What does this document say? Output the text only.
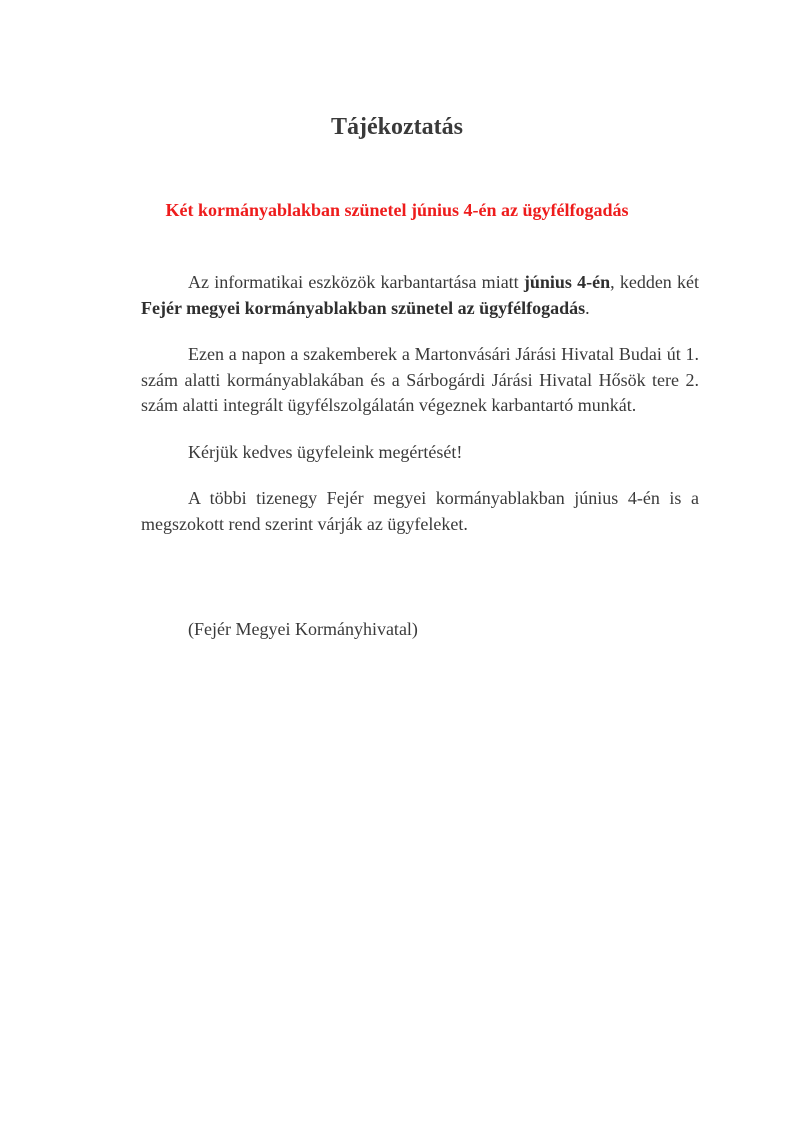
Tájékoztatás
Két kormányablakban szünetel június 4-én az ügyfélfogadás

Az informatikai eszközök karbantartása miatt június 4-én, kedden két Fejér megyei kormányablakban szünetel az ügyfélfogadás.

Ezen a napon a szakemberek a Martonvásári Járási Hivatal Budai út 1. szám alatti kormányablakában és a Sárbogárdi Járási Hivatal Hősök tere 2. szám alatti integrált ügyfélszolgálatán végeznek karbantartó munkát.

Kérjük kedves ügyfeleink megértését!

A többi tizenegy Fejér megyei kormányablakban június 4-én is a megszokott rend szerint várják az ügyfeleket.

(Fejér Megyei Kormányhivatal)
